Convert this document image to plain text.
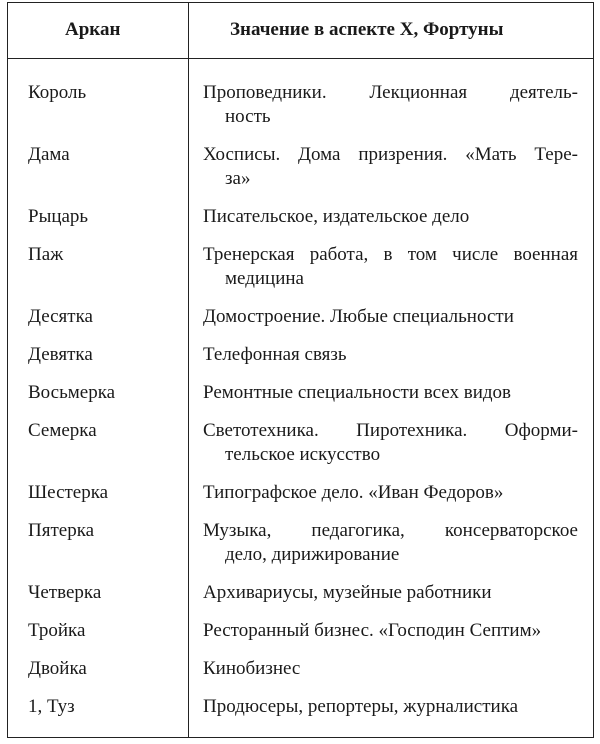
Аркан	Значение в аспекте X, Фортуны
Король	Проповедники. Лекционная деятель-
ность
Дама	Хосписы. Дома призрения. «Мать Тере-
за»
Рыцарь	Писательское, издательское дело
Паж	Тренерская работа, в том числе военная
медицина
Десятка	Домостроение. Любые специальности
Девятка	Телефонная связь
Восьмерка	Ремонтные специальности всех видов
Семерка	Светотехника. Пиротехника. Оформи-
тельское искусство
Шестерка	Типографское дело. «Иван Федоров»
Пятерка	Музыка, педагогика, консерваторское
дело, дирижирование
Четверка	Архивариусы, музейные работники
Тройка	Ресторанный бизнес. «Господин Септим»
Двойка	Кинобизнес
1, Туз	Продюсеры, репортеры, журналистика
